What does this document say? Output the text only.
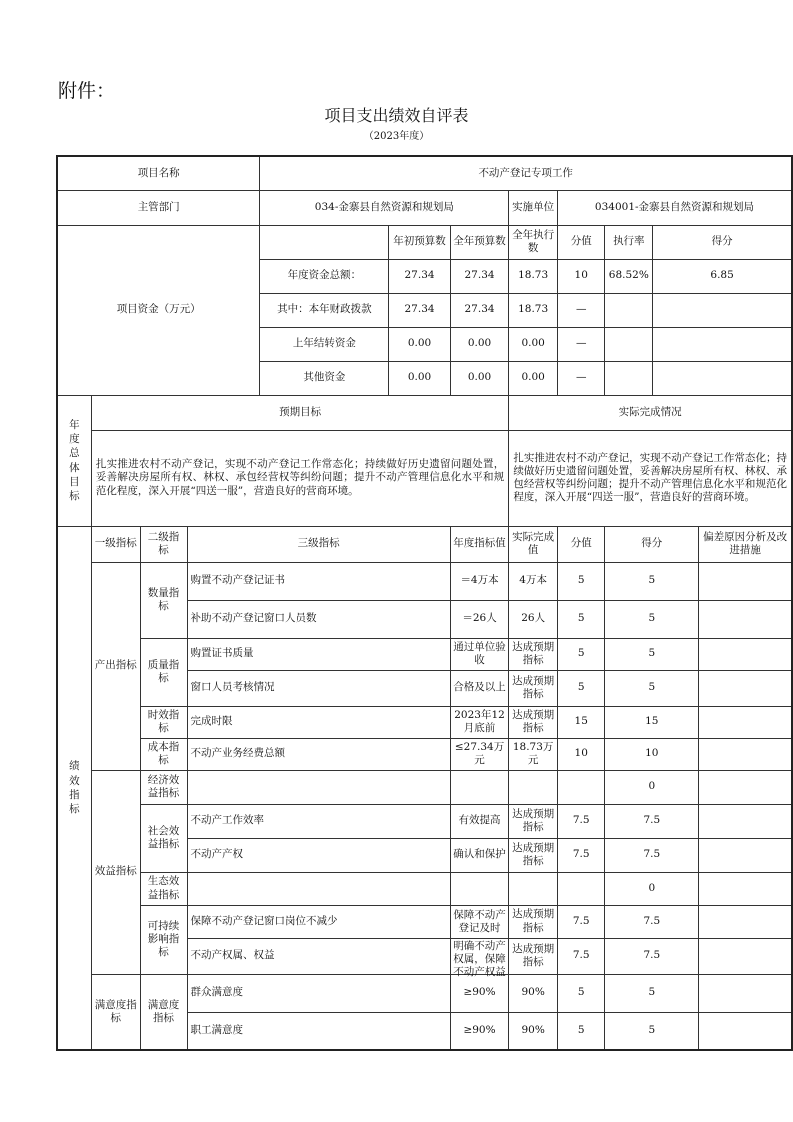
附件：
项目支出绩效自评表
（2023年度）
项目名称				不动产登记专项工作							
主管部门				034-金寨县自然资源和规划局			实施单位	034001-金寨县自然资源和规划局			
项目资金（万元）					年初预算数	全年预算数	全年执行数	分值	执行率	得分	
				年度资金总额：	27.34	27.34	18.73	10	68.52%	6.85	
				其中：本年财政拨款	27.34	27.34	18.73	—			
				上年结转资金	0.00	0.00	0.00	—			
				其他资金	0.00	0.00	0.00	—			
年度总体目标	预期目标						实际完成情况				
	扎实推进农村不动产登记，实现不动产登记工作常态化；持续做好历史遗留问题处置，妥善解决房屋所有权、林权、承包经营权等纠纷问题；提升不动产管理信息化水平和规范化程度，深入开展“四送一服”，营造良好的营商环境。						扎实推进农村不动产登记，实现不动产登记工作常态化；持续做好历史遗留问题处置，妥善解决房屋所有权、林权、承包经营权等纠纷问题；提升不动产管理信息化水平和规范化程度，深入开展“四送一服”，营造良好的营商环境。				
绩效指标	一级指标	二级指标	三级指标			年度指标值	实际完成值	分值	得分		偏差原因分析及改进措施
	产出指标	数量指标	购置不动产登记证书			＝4万本	4万本	5	5		
			补助不动产登记窗口人员数			＝26人	26人	5	5		
		质量指标	购置证书质量			通过单位验收	达成预期指标	5	5		
			窗口人员考核情况			合格及以上	达成预期指标	5	5		
		时效指标	完成时限			2023年12月底前	达成预期指标	15	15		
		成本指标	不动产业务经费总额			≤27.34万元	18.73万元	10	10		
	效益指标	经济效益指标							0		
		社会效益指标	不动产工作效率			有效提高	达成预期指标	7.5	7.5		
			不动产产权			确认和保护	达成预期指标	7.5	7.5		
		生态效益指标							0		
		可持续影响指标	保障不动产登记窗口岗位不减少			保障不动产登记及时	达成预期指标	7.5	7.5		
			不动产权属、权益			明确不动产权属，保障不动产权益	达成预期指标	7.5	7.5		
	满意度指标	满意度指标	群众满意度			≥90%	90%	5	5		
			职工满意度			≥90%	90%	5	5		
